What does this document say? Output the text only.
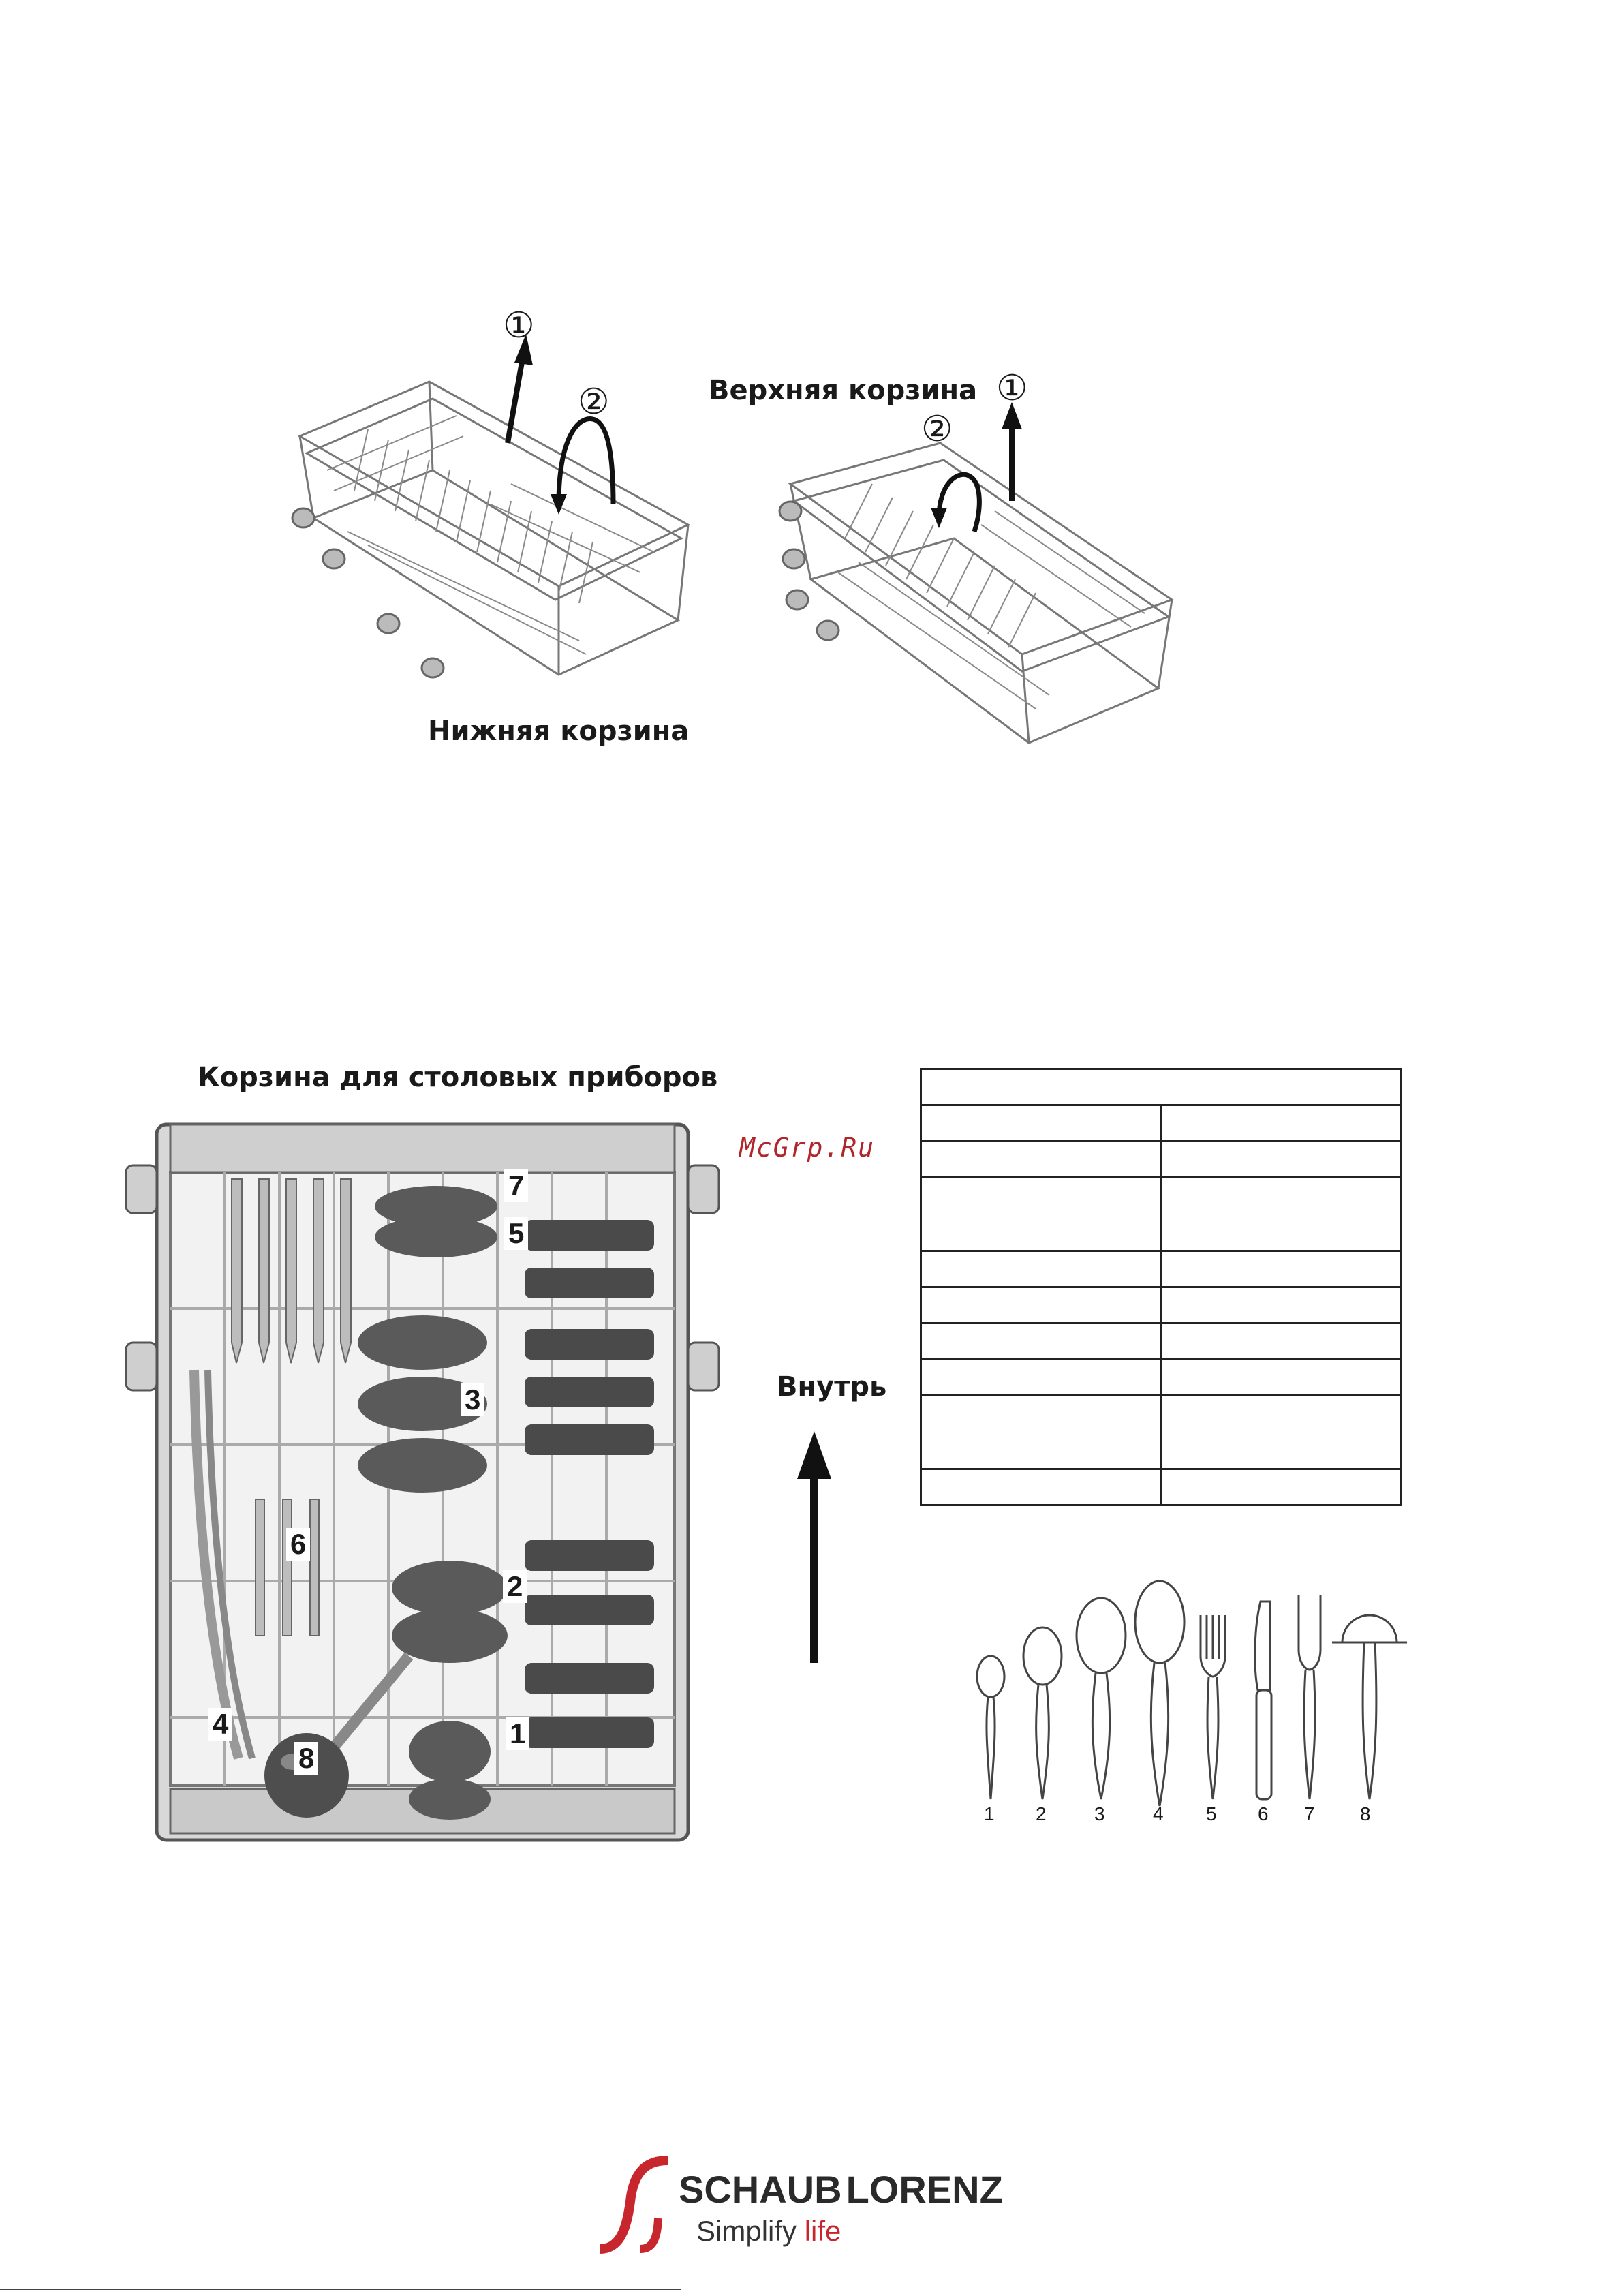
①
②	①
②
Верхняя корзина
Нижняя корзина
Корзина для столовых приборов
McGrp.Ru
7
5
3
6
2
4
8
1
Внутрь

1 2	3	4 5 6 7 8
SCHAUB LORENZ
Simplify life
